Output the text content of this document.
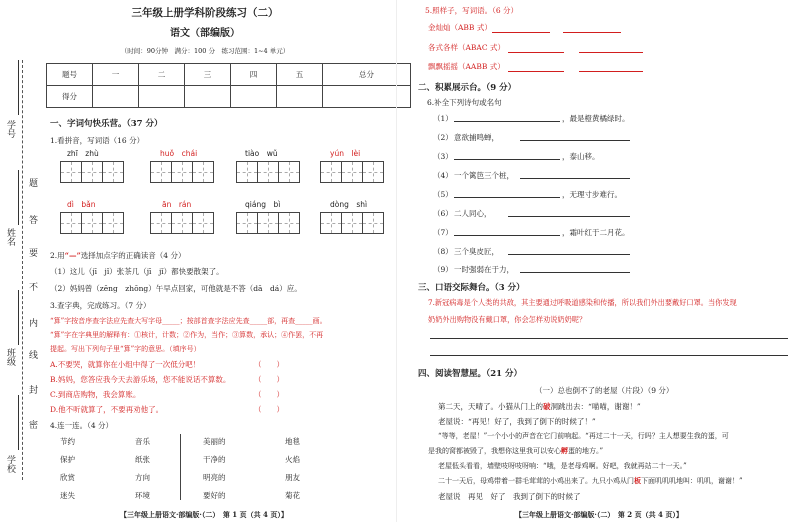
学号
姓名
班级
学校
题
答
要
不
内
线
封
密
三年级上册学科阶段练习（二）
语文（部编版）
（时间：90分钟　满分：100 分　练习范围：1~4 单元）
题号	一	二	三	四	五	总分
得分						
一、字词句快乐营。（37 分）
1.看拼音，写词语（16 分）
zhī　zhù	huǒ　chái	tiào　wǔ	yún　lèi
dì　bǎn	ān　rán	qiáng　bì	dòng　shì
2.用“—”选择加点字的正确读音（4 分）
（1）这儿（jī　jǐ）张茶几（jī　jǐ）都快要散架了。
（2）妈妈曾（zēng　zhōng）午早点回家，可他就是不答（dā　dá）应。
3.查字典，完成练习。（7 分）
“算”字按音序查字法应先查大写字母_____；按部首查字法应先查_____部，再查_____画。
“算”字在字典里的解释有：①核计，计数；②作为，当作；③算数，承认；④作罢，不再
提起。写出下列句子里“算”字的意思。（填序号）
A.不要哭，就算你在小组中得了一次低分吧！	（　　）
B.妈妈，您答应我今天去游乐场，您不能说话不算数。	（　　）
C.到商店购物，我会算账。	（　　）
D.他不听就算了，不要再劝他了。	（　　）
4.连一连。（4 分）
节约
保护
欣赏
迷失
音乐
纸张
方向
环境
美丽的
干净的
明亮的
要好的
地毯
火焰
朋友
菊花
【三年级上册语文·部编版·（二）　第 1 页（共 4 页）】
5.照样子，写词语。（6 分）
金灿灿（ABB 式）
各式各样（ABAC 式）
飘飘摇摇（AABB 式）
二、积累展示台。（9 分）
6.补全下列诗句或名句
（1）	，最是橙黄橘绿时。
（2） 意欲捕鸣蝉，
（3）	，泰山移。
（4） 一个篱笆三个桩，
（5）	，无理寸步难行。
（6） 二人同心，
（7）	，霜叶红于二月花。
（8） 三个臭皮匠，
（9） 一时强弱在于力，
三、口语交际舞台。（3 分）
7.新冠病毒是个人类的共敌，其主要通过呼吸道感染和传播，所以我们外出要戴好口罩。当你发现
奶奶外出购物没有戴口罩，你会怎样劝说奶奶呢？
四、阅读智慧屋。（21 分）
（一）总也倒不了的老屋（片段）（9 分）
第二天，天晴了。小猫从门上的破洞跳出去：“喵喵，谢谢！”
老屋说：“再见！好了，我到了倒下的时候了！”
“等等，老屋！”一个小小的声音在它门前响起。“再过二十一天，行吗？主人想要生我的蛋，可
是我的窝都被毁了，我想你这里我可以安心孵蛋的地方。”
老屋低头看看，墙壁吱呀吱呀响：“哦，是老母鸡啊。好吧，我就再站二十一天。”
二十一天后，母鸡带着一群毛茸茸的小鸡出来了。九只小鸡从门板下面叽叽叽地叫：叽叽，谢谢！”
老屋说　再见　好了　我到了倒下的时候了
【三年级上册语文·部编版·（二）　第 2 页（共 4 页）】
